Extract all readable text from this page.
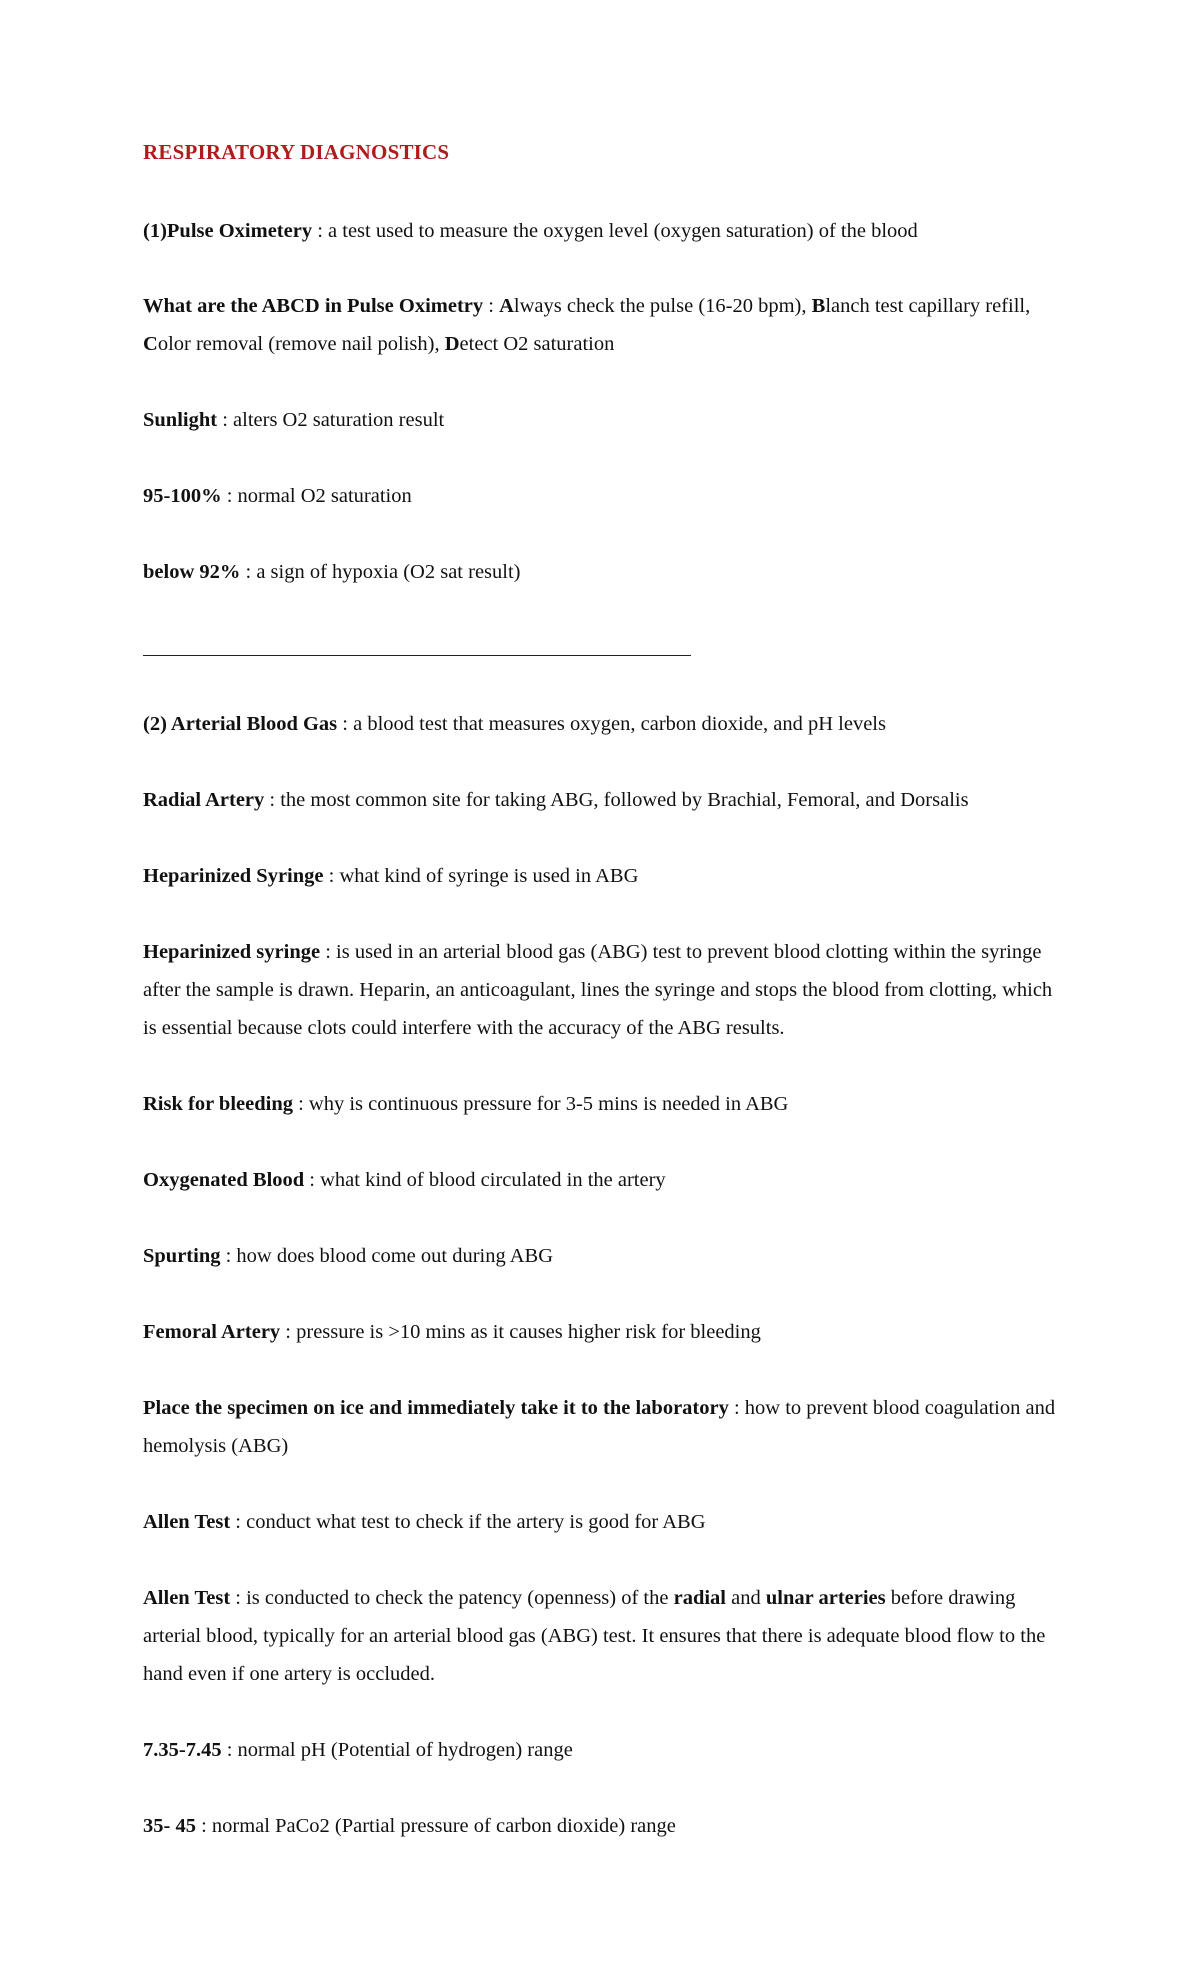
RESPIRATORY DIAGNOSTICS

(1)Pulse Oximetery : a test used to measure the oxygen level (oxygen saturation) of the blood

What are the ABCD in Pulse Oximetry : Always check the pulse (16-20 bpm), Blanch test capillary refill, Color removal (remove nail polish), Detect O2 saturation

Sunlight : alters O2 saturation result

95-100% : normal O2 saturation

below 92% : a sign of hypoxia (O2 sat result)

(2) Arterial Blood Gas : a blood test that measures oxygen, carbon dioxide, and pH levels

Radial Artery : the most common site for taking ABG, followed by Brachial, Femoral, and Dorsalis

Heparinized Syringe : what kind of syringe is used in ABG

Heparinized syringe : is used in an arterial blood gas (ABG) test to prevent blood clotting within the syringe after the sample is drawn. Heparin, an anticoagulant, lines the syringe and stops the blood from clotting, which is essential because clots could interfere with the accuracy of the ABG results.

Risk for bleeding : why is continuous pressure for 3-5 mins is needed in ABG

Oxygenated Blood : what kind of blood circulated in the artery

Spurting : how does blood come out during ABG

Femoral Artery : pressure is >10 mins as it causes higher risk for bleeding

Place the specimen on ice and immediately take it to the laboratory : how to prevent blood coagulation and hemolysis (ABG)

Allen Test : conduct what test to check if the artery is good for ABG

Allen Test : is conducted to check the patency (openness) of the radial and ulnar arteries before drawing arterial blood, typically for an arterial blood gas (ABG) test. It ensures that there is adequate blood flow to the hand even if one artery is occluded.

7.35-7.45 : normal pH (Potential of hydrogen) range

35- 45 : normal PaCo2 (Partial pressure of carbon dioxide) range
